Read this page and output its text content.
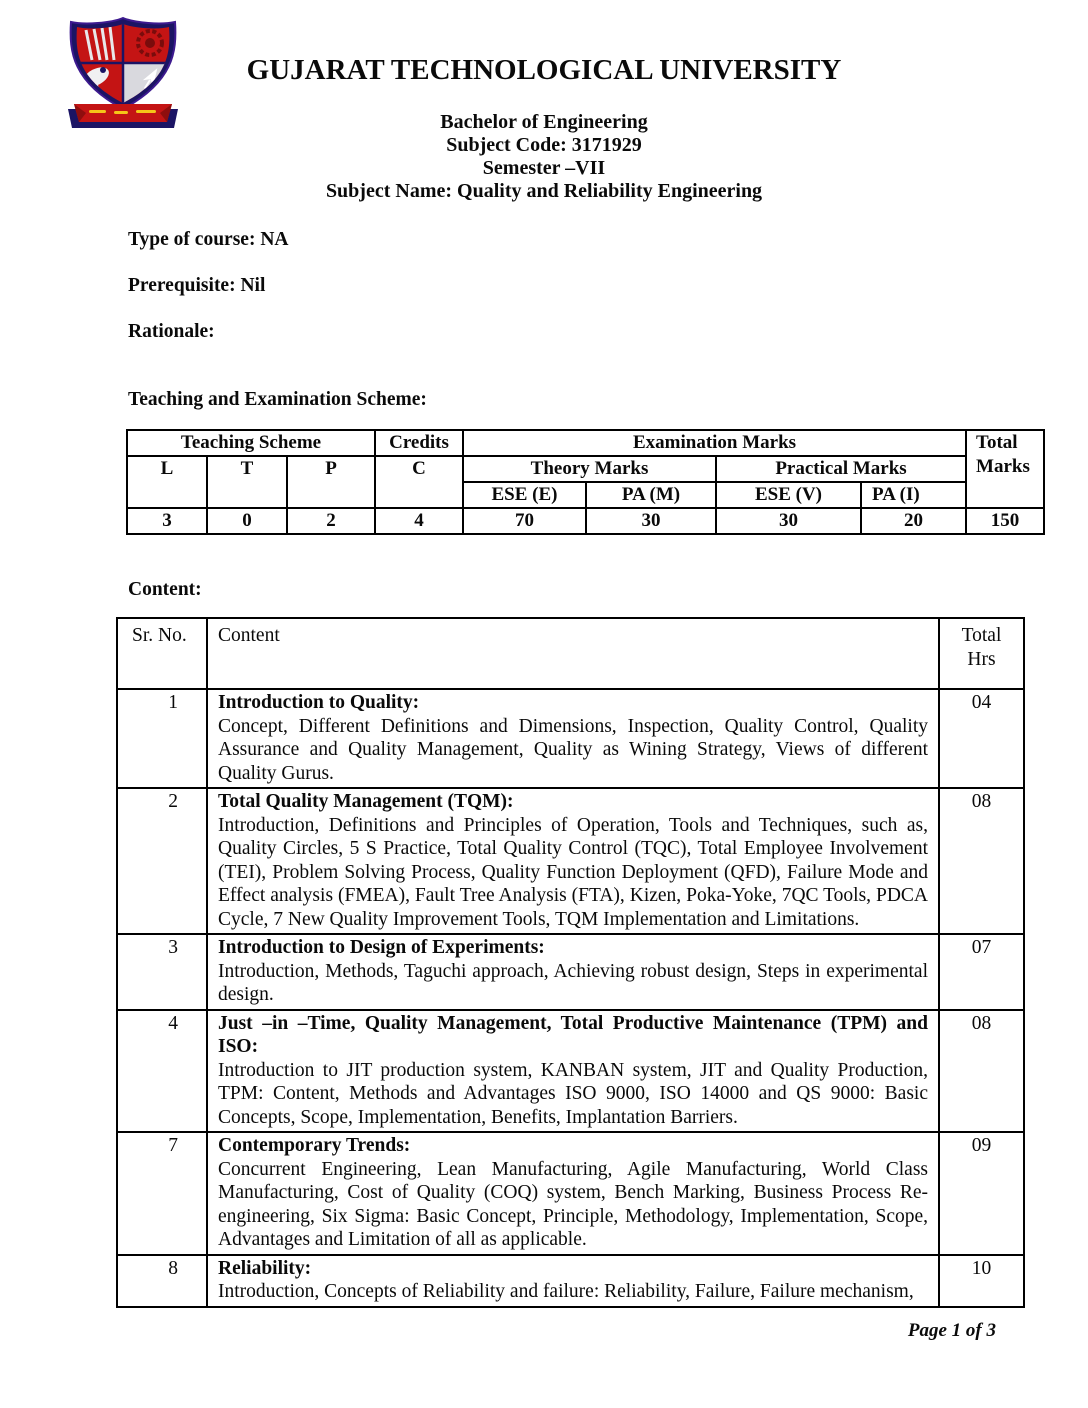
GUJARAT TECHNOLOGICAL UNIVERSITY
Bachelor of Engineering
Subject Code: 3171929
Semester –VII
Subject Name: Quality and Reliability Engineering
Type of course: NA
Prerequisite: Nil
Rationale:
Teaching and Examination Scheme:
Teaching Scheme			Credits	Examination Marks				Total Marks

L	T	P	C	Theory Marks		Practical Marks		
				ESE (E)	PA (M)	ESE (V)	PA (I)	
3	0	2	4	70	30	30	20	150
Content:
Sr. No.	Content	Total Hrs

1	Introduction to Quality:
Concept, Different Definitions and Dimensions, Inspection, Quality Control, Quality Assurance and Quality Management, Quality as Wining Strategy, Views of different Quality Gurus.	04
2	Total Quality Management (TQM):
Introduction, Definitions and Principles of Operation, Tools and Techniques, such as, Quality Circles, 5 S Practice, Total Quality Control (TQC), Total Employee Involvement (TEI), Problem Solving Process, Quality Function Deployment (QFD), Failure Mode and Effect analysis (FMEA), Fault Tree Analysis (FTA), Kizen, Poka-Yoke, 7QC Tools, PDCA Cycle, 7 New Quality Improvement Tools, TQM Implementation and Limitations.	08
3	Introduction to Design of Experiments:
Introduction, Methods, Taguchi approach, Achieving robust design, Steps in experimental design.	07
4	Just –in –Time, Quality Management, Total Productive Maintenance (TPM) and ISO:
Introduction to JIT production system, KANBAN system, JIT and Quality Production, TPM: Content, Methods and Advantages ISO 9000, ISO 14000 and QS 9000: Basic Concepts, Scope, Implementation, Benefits, Implantation Barriers.	08
7	Contemporary Trends:
Concurrent Engineering, Lean Manufacturing, Agile Manufacturing, World Class Manufacturing, Cost of Quality (COQ) system, Bench Marking, Business Process Re-engineering, Six Sigma: Basic Concept, Principle, Methodology, Implementation, Scope, Advantages and Limitation of all as applicable.	09
8	Reliability:
Introduction, Concepts of Reliability and failure: Reliability, Failure, Failure mechanism,	10
Page 1 of 3
